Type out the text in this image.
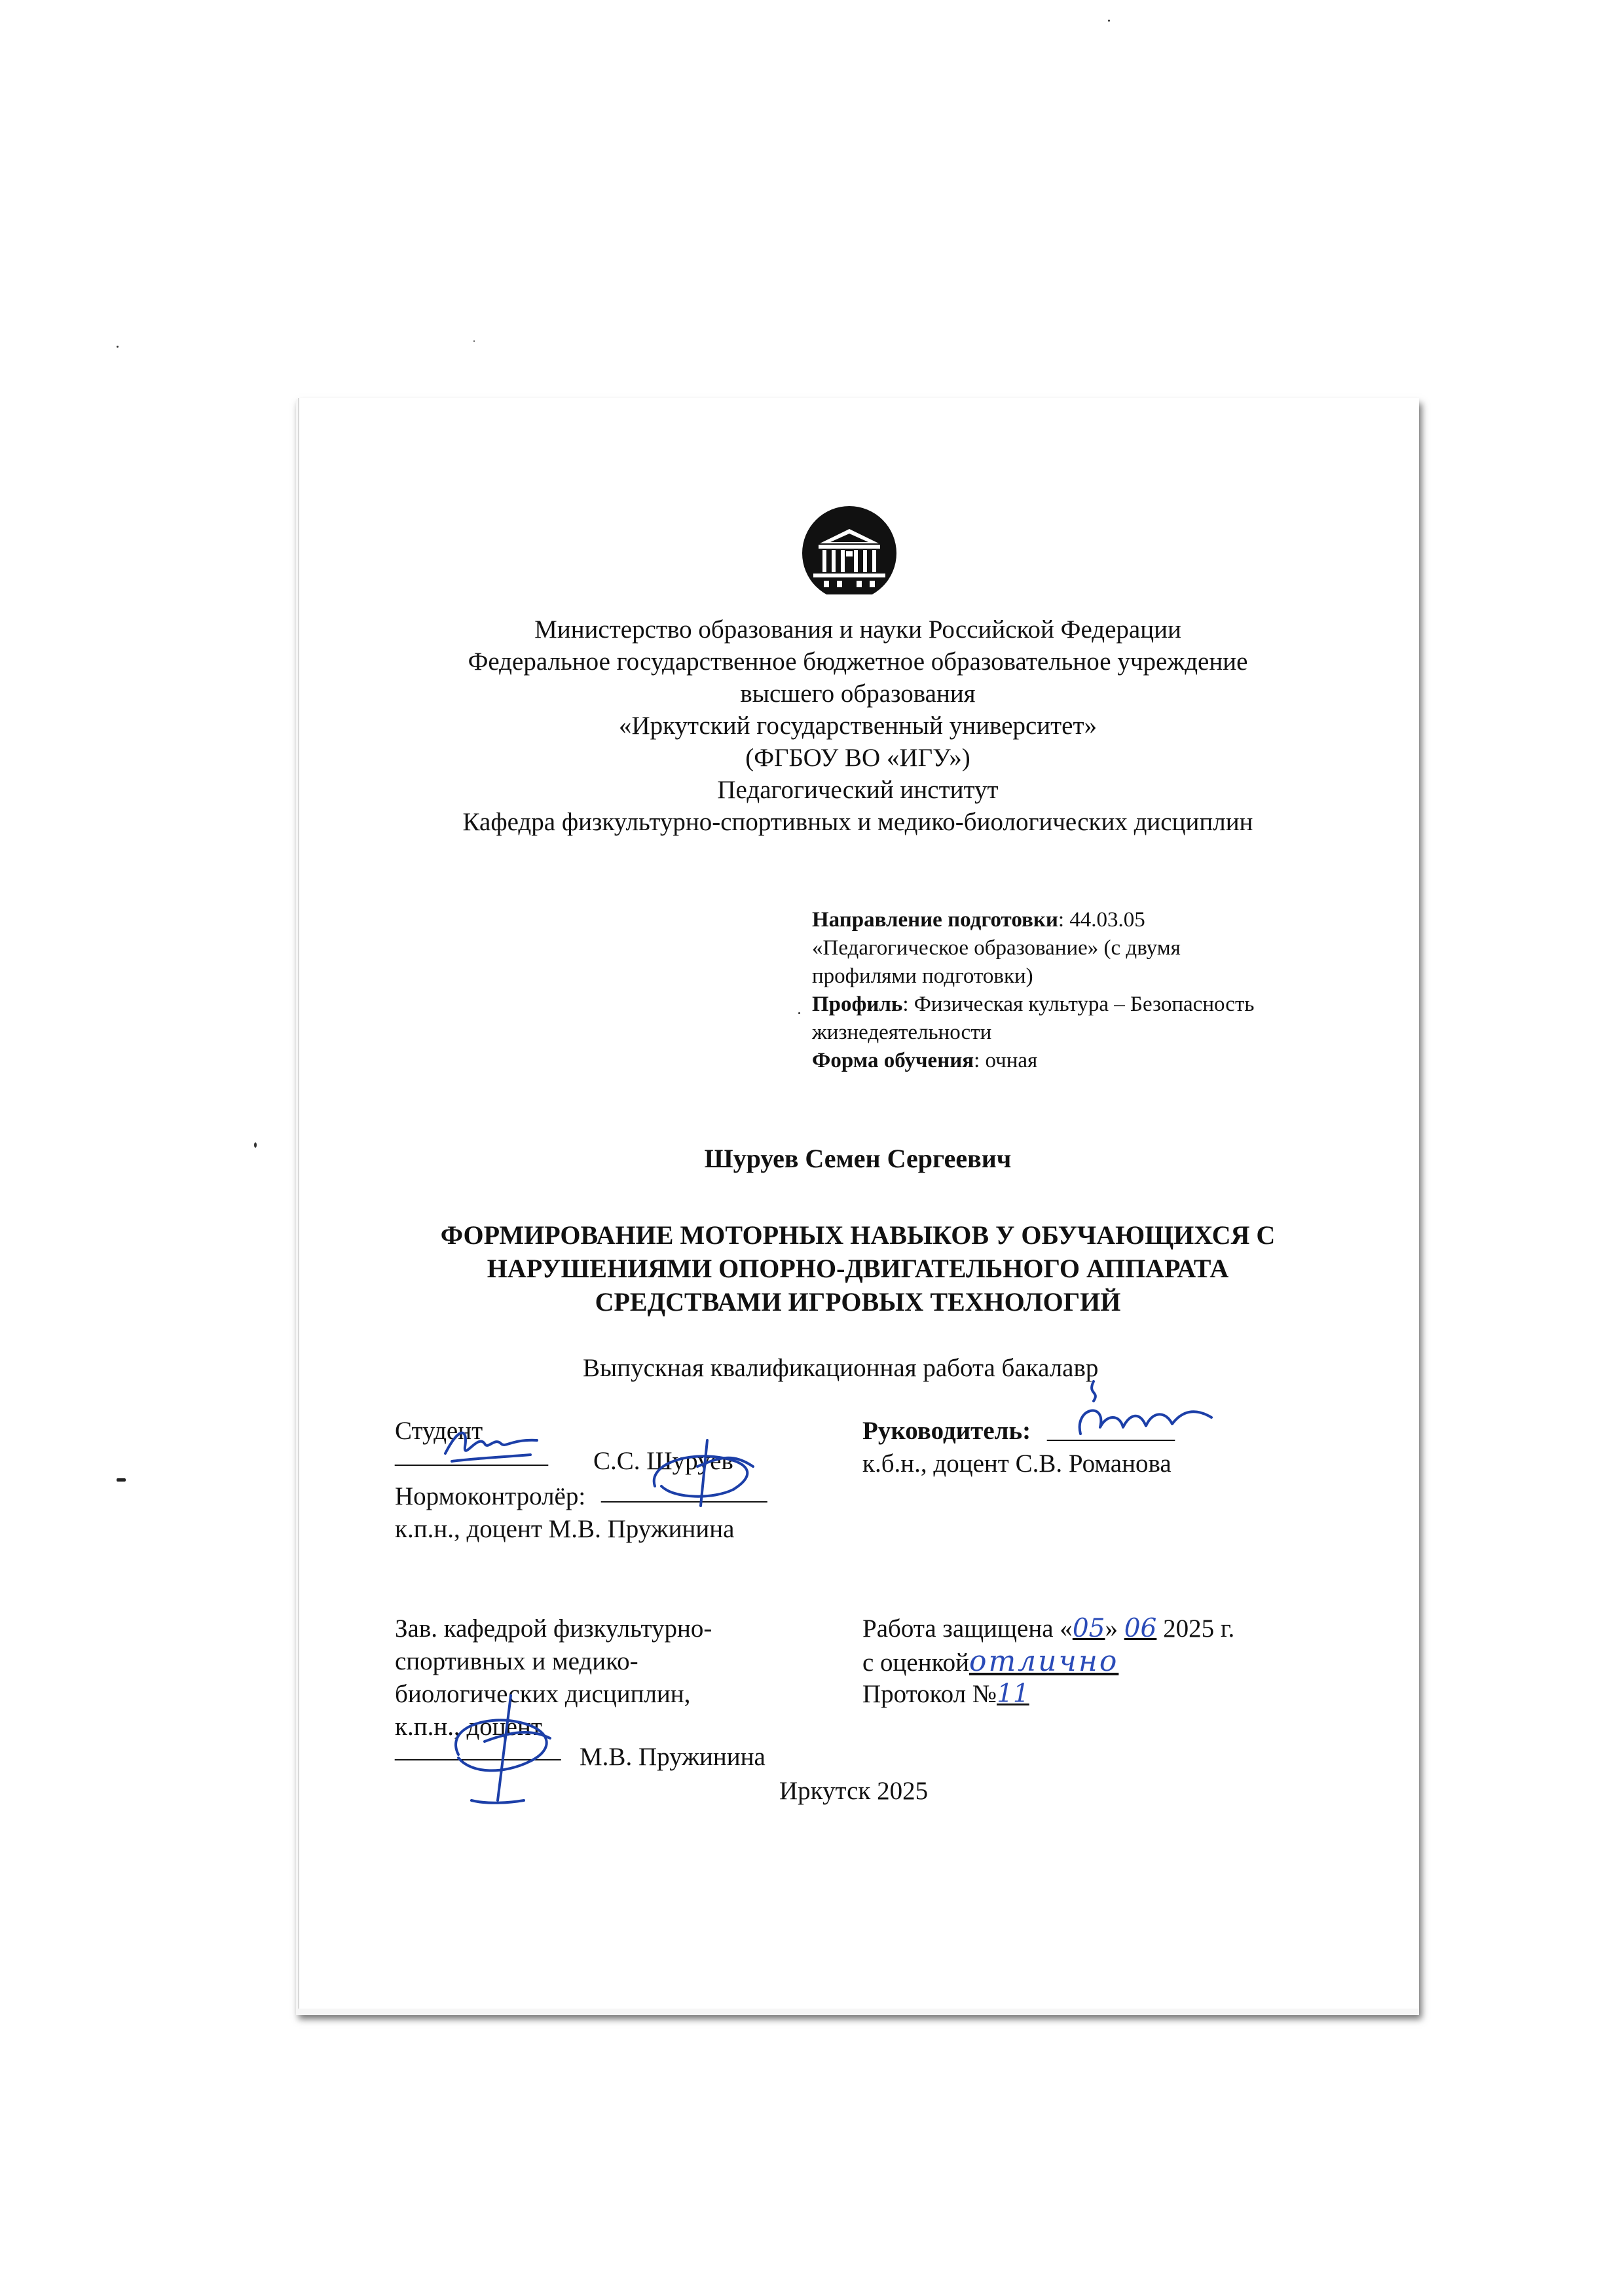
Министерство образования и науки Российской Федерации
Федеральное государственное бюджетное образовательное учреждение
высшего образования
«Иркутский государственный университет»
(ФГБОУ ВО «ИГУ»)
Педагогический институт
Кафедра физкультурно-спортивных и медико-биологических дисциплин
Направление подготовки: 44.03.05
«Педагогическое образование» (с двумя
профилями подготовки)
Профиль: Физическая культура – Безопасность
жизнедеятельности
Форма обучения: очная
Шуруев Семен Сергеевич
ФОРМИРОВАНИЕ МОТОРНЫХ НАВЫКОВ У ОБУЧАЮЩИХСЯ С
НАРУШЕНИЯМИ ОПОРНО-ДВИГАТЕЛЬНОГО АППАРАТА
СРЕДСТВАМИ ИГРОВЫХ ТЕХНОЛОГИЙ
Выпускная квалификационная работа бакалавр
Студент
____________ С.С. Шуруев
Нормоконтролёр: _____________
к.п.н., доцент М.В. Пружинина
Руководитель: __________
к.б.н., доцент С.В. Романова
Зав. кафедрой физкультурно-
спортивных и медико-
биологических дисциплин,
к.п.н., доцент
_____________ М.В. Пружинина
Работа защищена «05» 06 2025 г.
с оценкойотлично
Протокол №11
Иркутск 2025
